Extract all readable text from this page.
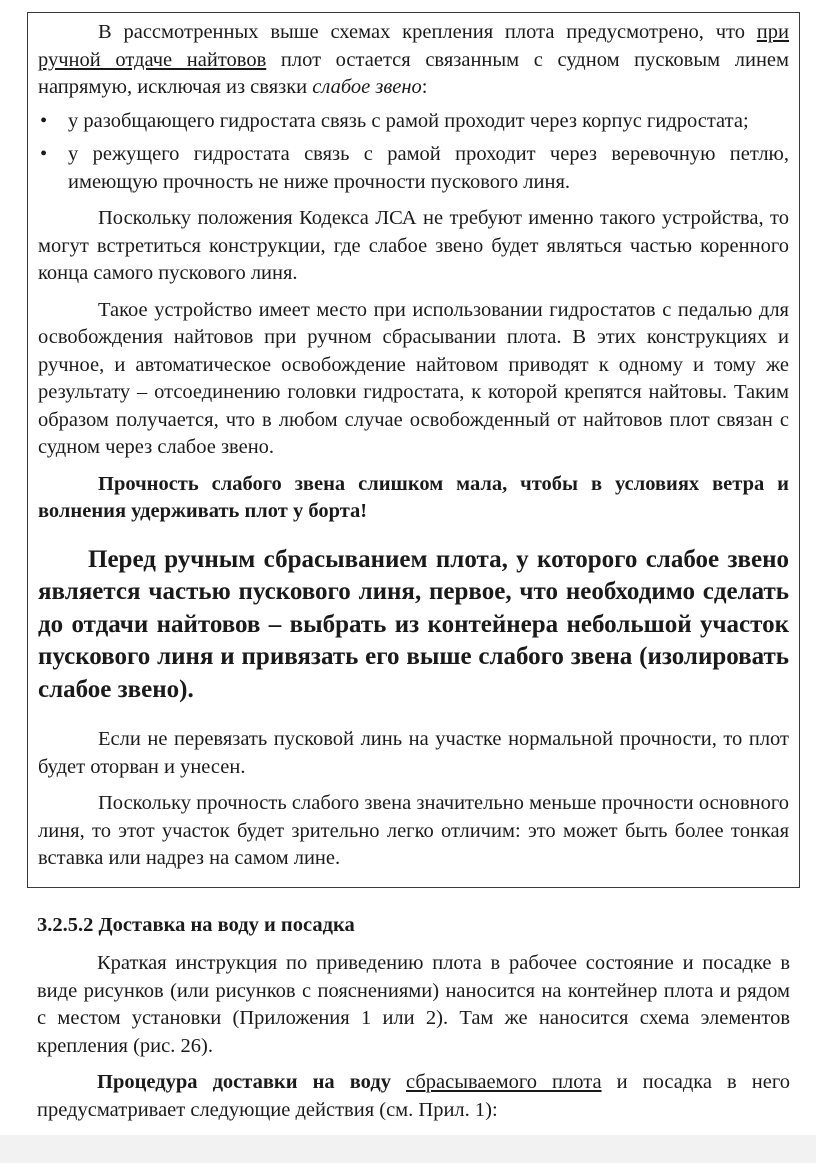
В рассмотренных выше схемах крепления плота предусмотрено, что при ручной отдаче найтовов плот остается связанным с судном пусковым линем напрямую, исключая из связки слабое звено:

• у разобщающего гидростата связь с рамой проходит через корпус гидростата;
• у режущего гидростата связь с рамой проходит через веревочную петлю, имеющую прочность не ниже прочности пускового линя.

Поскольку положения Кодекса ЛСА не требуют именно такого устройства, то могут встретиться конструкции, где слабое звено будет являться частью коренного конца самого пускового линя.

Такое устройство имеет место при использовании гидростатов с педалью для освобождения найтовов при ручном сбрасывании плота. В этих конструкциях и ручное, и автоматическое освобождение найтовом приводят к одному и тому же результату – отсоединению головки гидростата, к которой крепятся найтовы. Таким образом получается, что в любом случае освобожденный от найтовов плот связан с судном через слабое звено.

Прочность слабого звена слишком мала, чтобы в условиях ветра и волнения удерживать плот у борта!

Перед ручным сбрасыванием плота, у которого слабое звено является частью пускового линя, первое, что необходимо сделать до отдачи найтовов – выбрать из контейнера небольшой участок пускового линя и привязать его выше слабого звена (изолировать слабое звено).

Если не перевязать пусковой линь на участке нормальной прочности, то плот будет оторван и унесен.

Поскольку прочность слабого звена значительно меньше прочности основного линя, то этот участок будет зрительно легко отличим: это может быть более тонкая вставка или надрез на самом лине.

3.2.5.2 Доставка на воду и посадка

Краткая инструкция по приведению плота в рабочее состояние и посадке в виде рисунков (или рисунков с пояснениями) наносится на контейнер плота и рядом с местом установки (Приложения 1 или 2). Там же наносится схема элементов крепления (рис. 26).

Процедура доставки на воду сбрасываемого плота и посадка в него предусматривает следующие действия (см. Прил. 1):
